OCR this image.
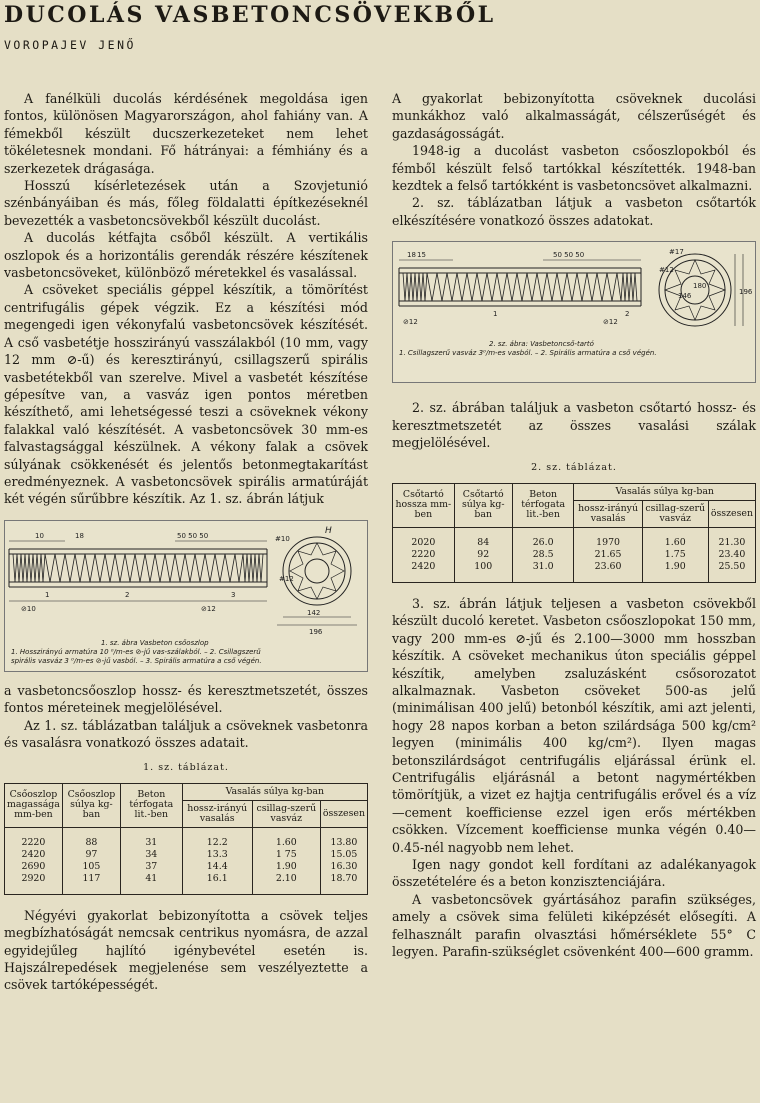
DUCOLÁS VASBETONCSÖVEKBŐL
VOROPAJEV JENŐ

A fanélküli ducolás kérdésének megoldása igen fontos, különösen Magyarországon, ahol fahiány van. A fémekből készült ducszerkezeteket nem lehet tökéletesnek mondani. Fő hátrányai: a fémhiány és a szerkezetek drágasága.

Hosszú kísérletezések után a Szovjetunió szénbányáiban és más, főleg földalatti építkezéseknél bevezették a vasbetoncsövekből készült ducolást.

A ducolás kétfajta csőből készült. A vertikális oszlopok és a horizontális gerendák részére készítenek vasbetoncsöveket, különböző méretekkel és vasalással.

A csöveket speciális géppel készítik, a tömörítést centrifugális gépek végzik. Ez a készítési mód megengedi igen vékonyfalú vasbetoncsövek készítését. A cső vasbetétje hosszirányú vasszálakból (10 mm, vagy 12 mm ⊘-ű) és keresztirányú, csillagszerű spirális vasbetétekből van szerelve. Mivel a vasbetét készítése gépesítve van, a vasváz igen pontos méretben készíthető, ami lehetségessé teszi a csöveknek vékony falakkal való készítését. A vasbetoncsövek 30 mm-es falvastagsággal készülnek. A vékony falak a csövek súlyának csökkenését és jelentős betonmegtakarítást eredményeznek. A vasbetoncsövek spirális armatúráját két végén sűrűbbre készítik. Az 1. sz. ábrán látjuk

10	18	50 50 50	H
#10
142
196
#12
⊘10	⊘12
1	2	3
1. sz. ábra Vasbeton csőoszlop
1. Hosszirányú armatúra 10 ⁰/m-es ⊘-jű vas-szálakból. – 2. Csillagszerű
spirális vasváz 3 ⁰/m-es ⊘-jű vasból. – 3. Spirális armatúra a cső végén.

a vasbetoncsőoszlop hossz- és keresztmetszetét, összes fontos méreteinek megjelölésével.

Az 1. sz. táblázatban találjuk a csöveknek vasbetonra és vasalásra vonatkozó összes adatait.

1. sz. táblázat.
Csőoszlop magassága mm-ben	Csőoszlop súlya kg-ban	Beton térfogata lit.-ben	Vasalás súlya kg-ban		
			hossz-irányú vasalás	csillag-szerű vasváz	összesen
2220	88	31	12.2	1.60	13.80
2420	97	34	13.3	1 75	15.05
2690	105	37	14.4	1.90	16.30
2920	117	41	16.1	2.10	18.70

Négyévi gyakorlat bebizonyította a csövek teljes megbízhatóságát nemcsak centrikus nyomásra, de azzal egyidejűleg hajlító igénybevétel esetén is. Hajszálrepedések megjelenése sem veszélyeztette a csövek tartóképességét.

A gyakorlat bebizonyította csöveknek ducolási munkákhoz való alkalmasságát, célszerűségét és gazdaságosságát.

1948-ig a ducolást vasbeton csőoszlopokból és fémből készült felső tartókkal készítették. 1948-ban kezdtek a felső tartókként is vasbetoncsövet alkalmazni.

2. sz. táblázatban látjuk a vasbeton csőtartók elkészítésére vonatkozó összes adatokat.

15
18	50 50 50	#17
#12
180
146	196
⊘12	⊘12
1	2
2. sz. ábra: Vasbetoncső-tartó
1. Csillagszerű vasváz 3⁰/m-es vasból. – 2. Spirális armatúra a cső végén.

2. sz. ábrában találjuk a vasbeton csőtartó hossz- és keresztmetszetét az összes vasalási szálak megjelölésével.

2. sz. táblázat.
Csőtartó hossza mm-ben	Csőtartó súlya kg-ban	Beton térfogata lit.-ben	Vasalás súlya kg-ban		
			hossz-irányú vasalás	csillag-szerű vasváz	összesen
2020	84	26.0	1970	1.60	21.30
2220	92	28.5	21.65	1.75	23.40
2420	100	31.0	23.60	1.90	25.50

3. sz. ábrán látjuk teljesen a vasbeton csövekből készült ducoló keretet. Vasbeton csőoszlopokat 150 mm, vagy 200 mm-es ⊘-jű és 2.100—3000 mm hosszban készítik. A csöveket mechanikus úton speciális géppel készítik, amelyben zsaluzásként csősorozatot alkalmaznak. Vasbeton csöveket 500-as jelű (minimálisan 400 jelű) betonból készítik, ami azt jelenti, hogy 28 napos korban a beton szilárdsága 500 kg/cm² legyen (minimális 400 kg/cm²). Ilyen magas betonszilárdságot centrifugális eljárással érünk el. Centrifugális eljárásnál a betont nagymértékben tömörítjük, a vizet ez hajtja centrifugális erővel és a víz—cement koefficiense ezzel igen erős mértékben csökken. Vízcement koefficiense munka végén 0.40—0.45-nél nagyobb nem lehet.

Igen nagy gondot kell fordítani az adalékanyagok összetételére és a beton konzisztenciájára.

A vasbetoncsövek gyártásához parafin szükséges, amely a csövek sima felületi kiképzését elősegíti. A felhasznált parafin olvasztási hőmérséklete 55° C legyen. Parafin-szükséglet csövenként 400—600 gramm.
